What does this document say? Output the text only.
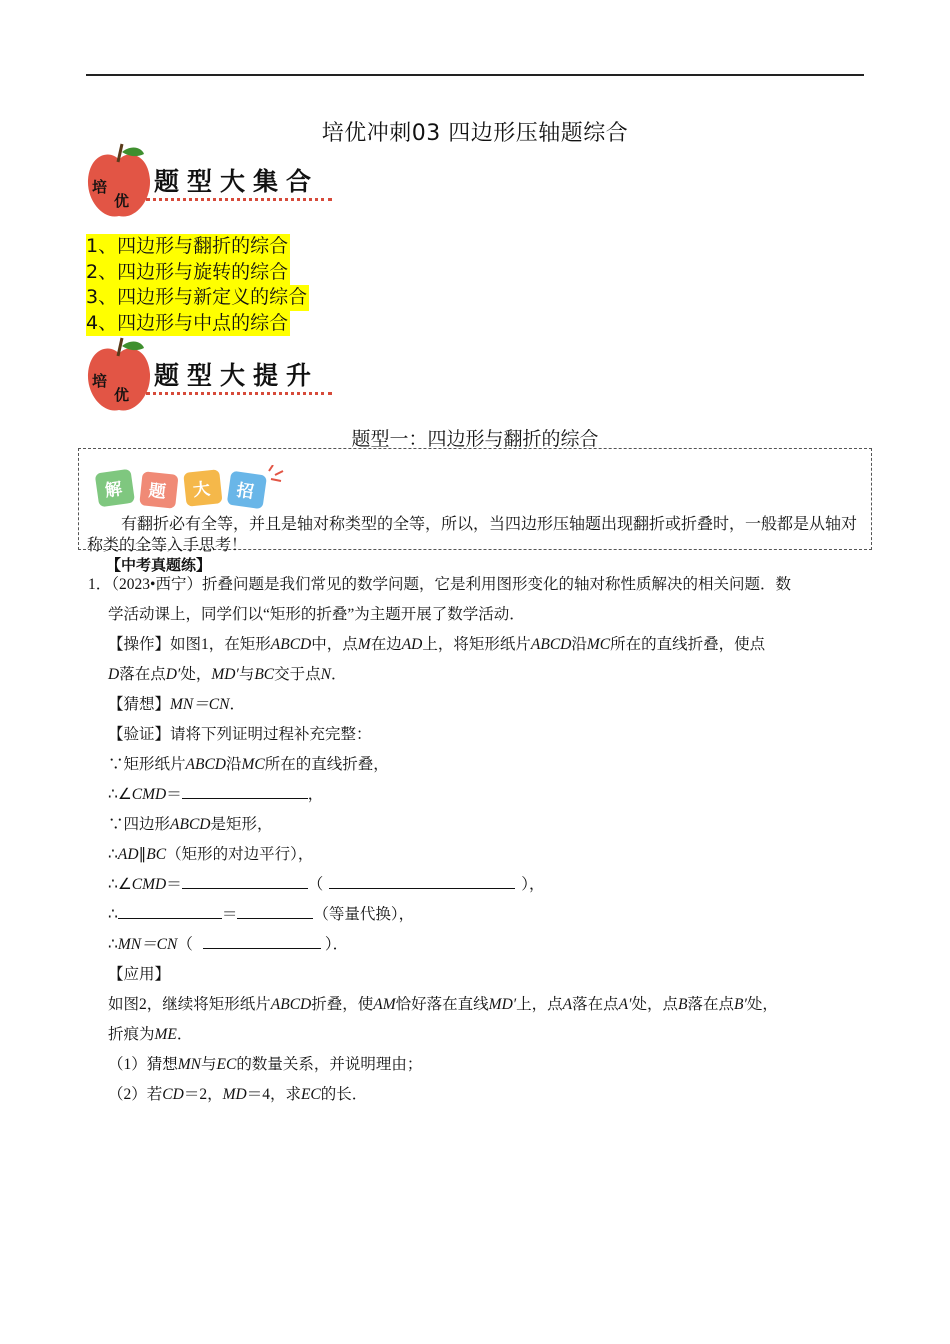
培优冲刺03 四边形压轴题综合
培
优
题型大集合
1、四边形与翻折的综合
2、四边形与旋转的综合
3、四边形与新定义的综合
4、四边形与中点的综合
培
优
题型大提升
题型一：四边形与翻折的综合
解 题 大 招
有翻折必有全等，并且是轴对称类型的全等，所以，当四边形压轴题出现翻折或折叠时，一般都是从轴对称类的全等入手思考！
【中考真题练】
1．（2023•西宁）折叠问题是我们常见的数学问题，它是利用图形变化的轴对称性质解决的相关问题．数
学活动课上，同学们以“矩形的折叠”为主题开展了数学活动．
【操作】如图1，在矩形ABCD中，点M在边AD上，将矩形纸片ABCD沿MC所在的直线折叠，使点
D落在点D′处，MD′与BC交于点N．
【猜想】MN＝CN．
【验证】请将下列证明过程补充完整：
∵矩形纸片ABCD沿MC所在的直线折叠，
∴∠CMD＝	，
∵四边形ABCD是矩形，
∴AD∥BC（矩形的对边平行），
∴∠CMD＝	（	），
∴	＝	（等量代换），
∴MN＝CN（	）．
【应用】
如图2，继续将矩形纸片ABCD折叠，使AM恰好落在直线MD′上，点A落在点A′处，点B落在点B′处，
折痕为ME．
（1）猜想MN与EC的数量关系，并说明理由；
（2）若CD＝2，MD＝4，求EC的长．
